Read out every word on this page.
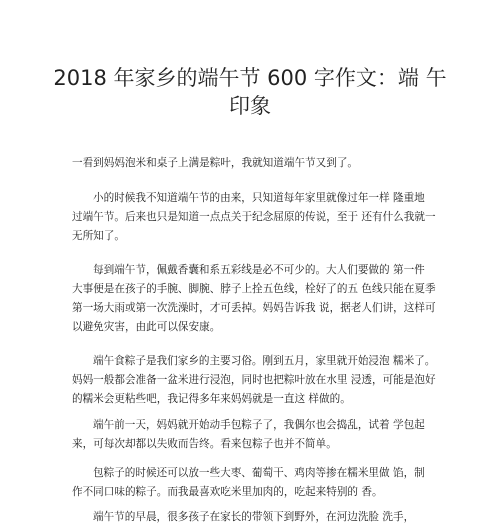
2018 年家乡的端午节 600 字作文：端 午
印象
一看到妈妈泡米和桌子上满是粽叶，我就知道端午节又到了。
小的时候我不知道端午节的由来，只知道每年家里就像过年一样 隆重地
过端午节。后来也只是知道一点点关于纪念屈原的传说，至于 还有什么我就一
无所知了。
每到端午节，佩戴香囊和系五彩线是必不可少的。大人们要做的 第一件
大事便是在孩子的手腕、脚腕、脖子上拴五色线，栓好了的五 色线只能在夏季
第一场大雨或第一次洗澡时，才可丢掉。妈妈告诉我 说，据老人们讲，这样可
以避免灾害，由此可以保安康。
端午食粽子是我们家乡的主要习俗。刚到五月，家里就开始浸泡 糯米了。
妈妈一般都会准备一盆米进行浸泡，同时也把粽叶放在水里 浸透，可能是泡好
的糯米会更粘些吧，我记得多年来妈妈就是一直这 样做的。
端午前一天，妈妈就开始动手包粽子了，我偶尔也会捣乱，试着 学包起
来，可每次却都以失败而告终。看来包粽子也并不简单。
包粽子的时候还可以放一些大枣、葡萄干、鸡肉等掺在糯米里做 馅，制
作不同口味的粽子。而我最喜欢吃米里加肉的，吃起来特别的 香。
端午节的早晨，很多孩子在家长的带领下到野外，在河边洗脸 洗手，
